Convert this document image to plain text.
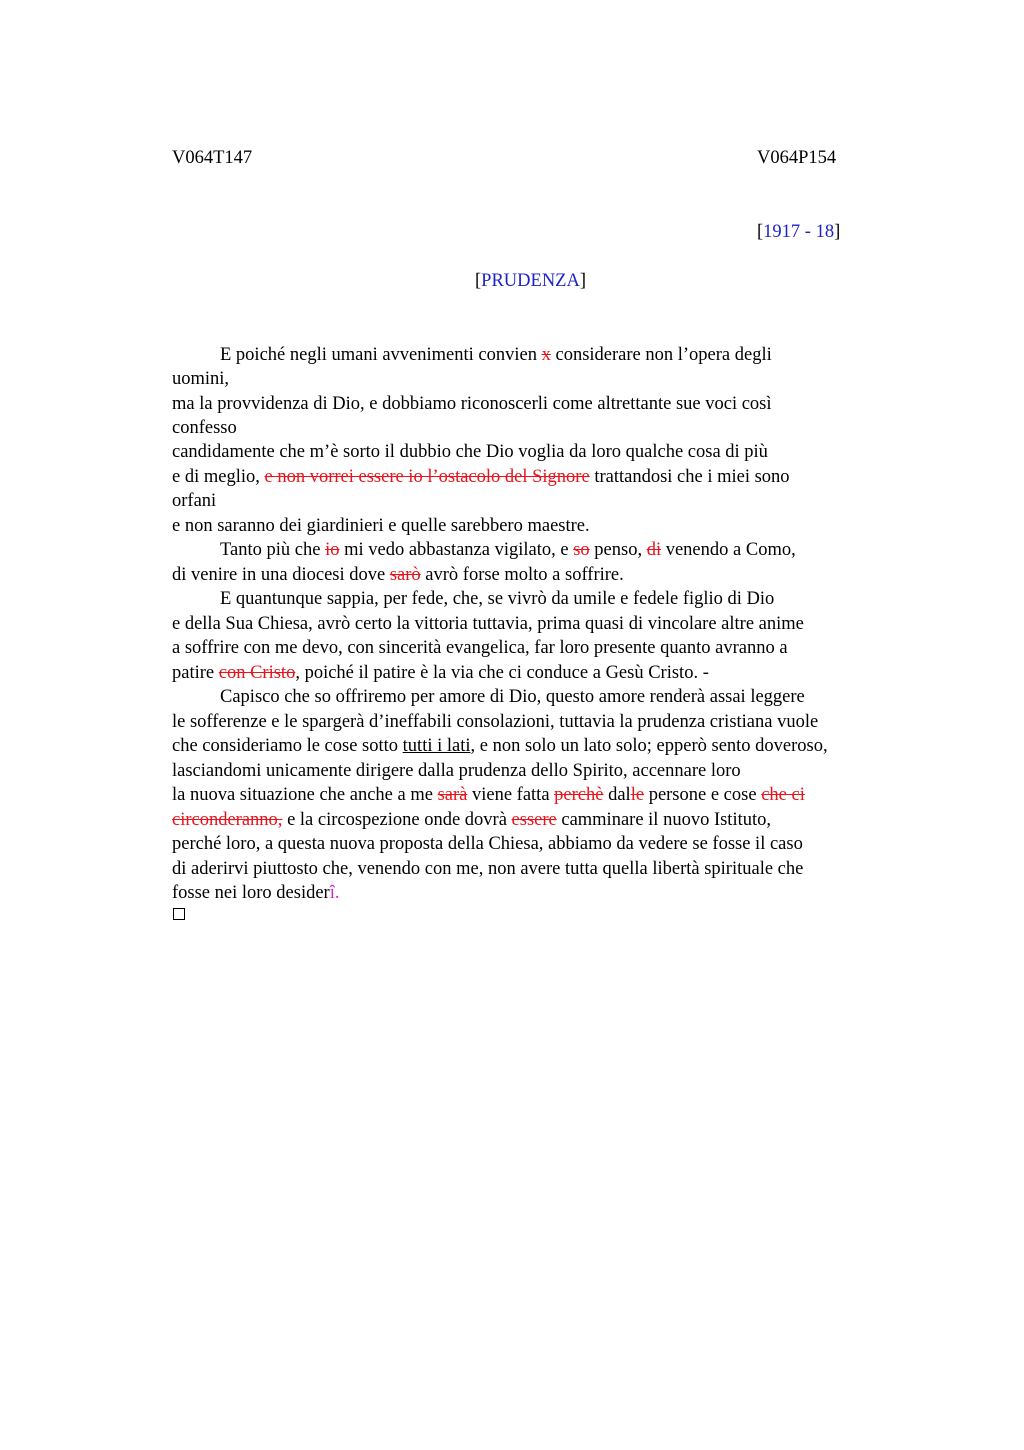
V064T147	V064P154
[1917 - 18]
[PRUDENZA]
E poiché negli umani avvenimenti convien x considerare non l’opera degli
uomini,
ma la provvidenza di Dio, e dobbiamo riconoscerli come altrettante sue voci così
confesso
candidamente che m’è sorto il dubbio che Dio voglia da loro qualche cosa di più
e di meglio, e non vorrei essere io l’ostacolo del Signore trattandosi che i miei sono
orfani
e non saranno dei giardinieri e quelle sarebbero maestre.
Tanto più che io mi vedo abbastanza vigilato, e so penso, di venendo a Como,
di venire in una diocesi dove sarò avrò forse molto a soffrire.
E quantunque sappia, per fede, che, se vivrò da umile e fedele figlio di Dio
e della Sua Chiesa, avrò certo la vittoria tuttavia, prima quasi di vincolare altre anime
a soffrire con me devo, con sincerità evangelica, far loro presente quanto avranno a
patire con Cristo, poiché il patire è la via che ci conduce a Gesù Cristo. -
Capisco che so offriremo per amore di Dio, questo amore renderà assai leggere
le sofferenze e le spargerà d’ineffabili consolazioni, tuttavia la prudenza cristiana vuole
che consideriamo le cose sotto tutti i lati, e non solo un lato solo; epperò sento doveroso,
lasciandomi unicamente dirigere dalla prudenza dello Spirito, accennare loro
la nuova situazione che anche a me sarà viene fatta perchè dalle persone e cose che ci
circonderanno, e la circospezione onde dovrà essere camminare il nuovo Istituto,
perché loro, a questa nuova proposta della Chiesa, abbiamo da vedere se fosse il caso
di aderirvi piuttosto che, venendo con me, non avere tutta quella libertà spirituale che
fosse nei loro desiderî.
